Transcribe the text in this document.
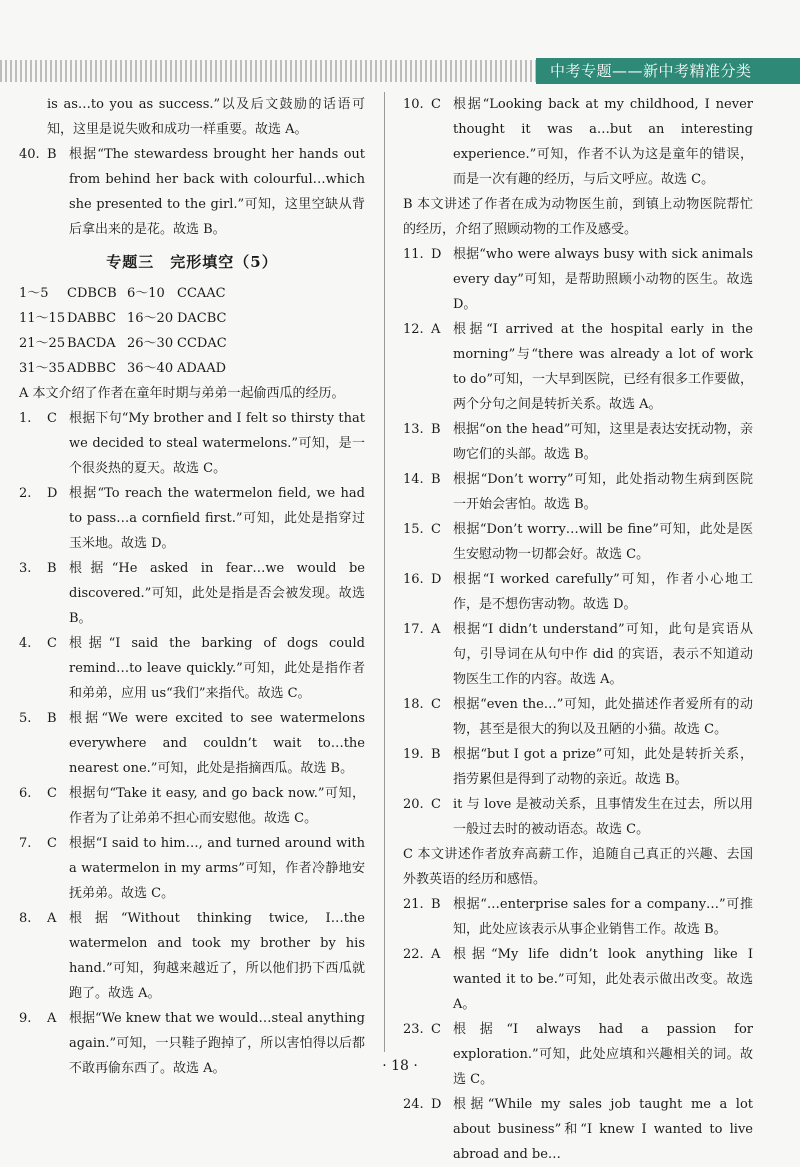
中考专题——新中考精准分类
is as…to you as success.”以及后文鼓励的话语可知，这里是说失败和成功一样重要。故选 A。
40. B 根据“The stewardess brought her hands out from behind her back with colourful…which she presented to the girl.”可知，这里空缺从背后拿出来的是花。故选 B。
专题三　完形填空（5）
1～5	CDBCB 6～10 CCAAC
11～15 DABBC 16～20 DACBC
21～25 BACDA 26～30 CCDAC
31～35 ADBBC 36～40 ADAAD
A 本文介绍了作者在童年时期与弟弟一起偷西瓜的经历。
1.	C 根据下句“My brother and I felt so thirsty that we decided to steal watermelons.”可知，是一个很炎热的夏天。故选 C。
2.	D 根据“To reach the watermelon field, we had to pass…a cornfield first.”可知，此处是指穿过玉米地。故选 D。
3.	B 根据“He asked in fear…we would be discovered.”可知，此处是指是否会被发现。故选 B。
4.	C 根据“I said the barking of dogs could remind…to leave quickly.”可知，此处是指作者和弟弟，应用 us“我们”来指代。故选 C。
5.	B 根据“We were excited to see watermelons everywhere and couldn’t wait to…the nearest one.”可知，此处是指摘西瓜。故选 B。
6.	C 根据句“Take it easy, and go back now.”可知，作者为了让弟弟不担心而安慰他。故选 C。
7.	C 根据“I said to him…, and turned around with a watermelon in my arms”可知，作者冷静地安抚弟弟。故选 C。
8.	A 根据“Without thinking twice, I…the watermelon and took my brother by his hand.”可知，狗越来越近了，所以他们扔下西瓜就跑了。故选 A。
9.	A 根据“We knew that we would…steal anything again.”可知，一只鞋子跑掉了，所以害怕得以后都不敢再偷东西了。故选 A。
10. C 根据“Looking back at my childhood, I never thought it was a…but an interesting experience.”可知，作者不认为这是童年的错误，而是一次有趣的经历，与后文呼应。故选 C。
B 本文讲述了作者在成为动物医生前，到镇上动物医院帮忙的经历，介绍了照顾动物的工作及感受。
11. D 根据“who were always busy with sick animals every day”可知，是帮助照顾小动物的医生。故选 D。
12. A 根据“I arrived at the hospital early in the morning”与“there was already a lot of work to do”可知，一大早到医院，已经有很多工作要做，两个分句之间是转折关系。故选 A。
13. B 根据“on the head”可知，这里是表达安抚动物，亲吻它们的头部。故选 B。
14. B 根据“Don’t worry”可知，此处指动物生病到医院一开始会害怕。故选 B。
15. C 根据“Don’t worry…will be fine”可知，此处是医生安慰动物一切都会好。故选 C。
16. D 根据“I worked carefully”可知，作者小心地工作，是不想伤害动物。故选 D。
17. A 根据“I didn’t understand”可知，此句是宾语从句，引导词在从句中作 did 的宾语，表示不知道动物医生工作的内容。故选 A。
18. C 根据“even the…”可知，此处描述作者爱所有的动物，甚至是很大的狗以及丑陋的小猫。故选 C。
19. B 根据“but I got a prize”可知，此处是转折关系，指劳累但是得到了动物的亲近。故选 B。
20. C it 与 love 是被动关系，且事情发生在过去，所以用一般过去时的被动语态。故选 C。
C 本文讲述作者放弃高薪工作，追随自己真正的兴趣、去国外教英语的经历和感悟。
21. B 根据“…enterprise sales for a company…”可推知，此处应该表示从事企业销售工作。故选 B。
22. A 根据“My life didn’t look anything like I wanted it to be.”可知，此处表示做出改变。故选 A。
23. C 根据“I always had a passion for exploration.”可知，此处应填和兴趣相关的词。故选 C。
24. D 根据“While my sales job taught me a lot about business”和“I knew I wanted to live abroad and be…
· 18 ·
